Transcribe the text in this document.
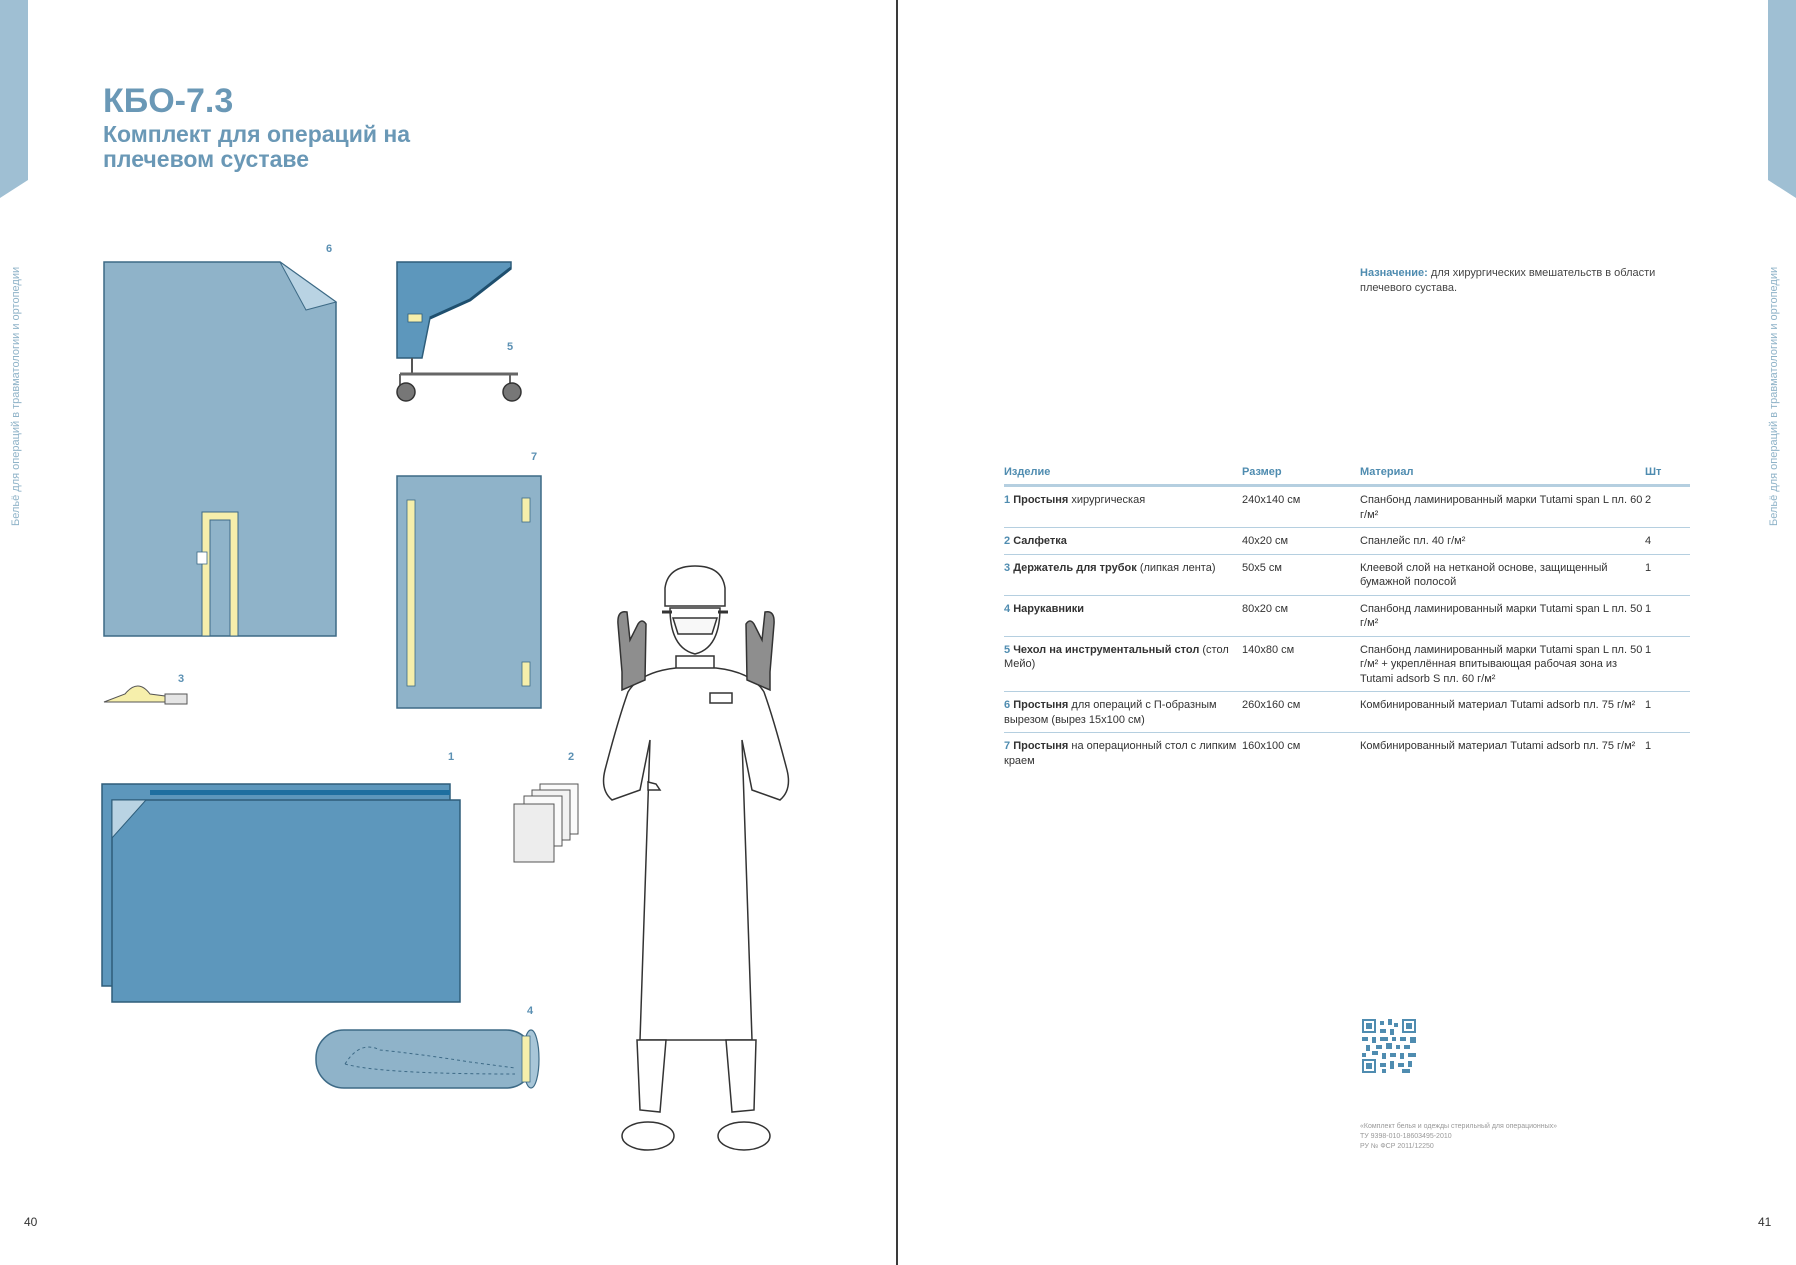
Бельё для операций в травматологии и ортопедии
КБО-7.3
Комплект для операций на плечевом суставе
6
5
7
3
1	2
4
40
Бельё для операций в травматологии и ортопедии
Назначение: для хирургических вмешательств в области плечевого сустава.
Изделие	Размер	Материал	Шт
1 Простыня хирургическая	240х140 см	Спанбонд ламинированный марки Tutami span L пл. 60 г/м²	2
2 Салфетка	40х20 см	Спанлейс пл. 40 г/м²	4
3 Держатель для трубок (липкая лента)	50х5 см	Клеевой слой на нетканой основе, защищенный бумажной полосой	1
4 Нарукавники	80х20 см	Спанбонд ламинированный марки Tutami span L пл. 50 г/м²	1
5 Чехол на инструментальный стол (стол Мейо)	140х80 см	Спанбонд ламинированный марки Tutami span L пл. 50 г/м² + укреплённая впитывающая рабочая зона из Tutami adsorb S пл. 60 г/м²	1
6 Простыня для операций с П-образным вырезом (вырез 15х100 см)	260х160 см	Комбинированный материал Tutami adsorb пл. 75 г/м²	1
7 Простыня на операционный стол с липким краем	160х100 см	Комбинированный материал Tutami adsorb пл. 75 г/м²	1
«Комплект белья и одежды стерильный для операционных»
ТУ 9398-010-18603495-2010
РУ № ФСР 2011/12250
41
